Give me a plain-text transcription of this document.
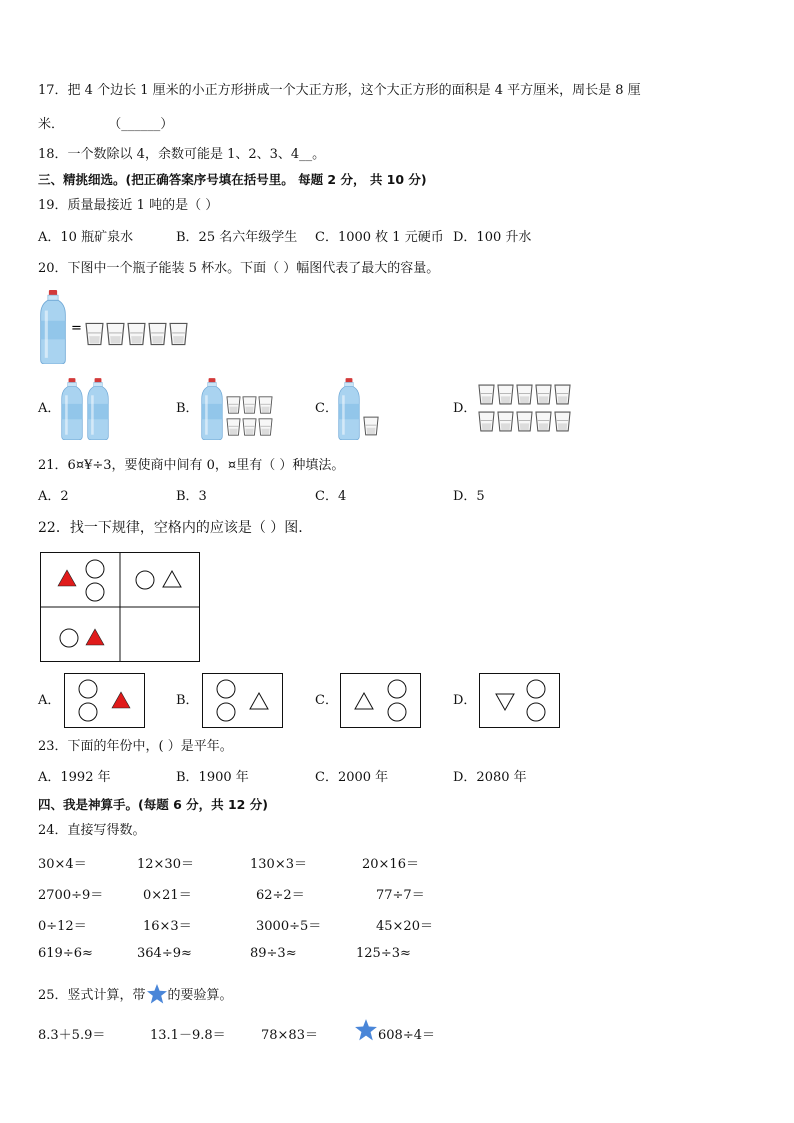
17．把 4 个边长 1 厘米的小正方形拼成一个大正方形，这个大正方形的面积是 4 平方厘米，周长是 8 厘
米．	（______）
18．一个数除以 4，余数可能是 1、2、3、4__。
三、精挑细选。(把正确答案序号填在括号里。 每题 2 分， 共 10 分)
19．质量最接近 1 吨的是（ ）
A．10 瓶矿泉水	B．25 名六年级学生 C．1000 枚 1 元硬币 D．100 升水
20．下图中一个瓶子能装 5 杯水。下面（ ）幅图代表了最大的容量。
=
A．	B．	C．	D．
21．6¤¥÷3，要使商中间有 0，¤里有（ ）种填法。
A．2	B．3	C．4	D．5
22．找一下规律，空格内的应该是（ ）图.
A．	B．	C．	D．
23．下面的年份中，( ）是平年。
A．1992 年	B．1900 年	C．2000 年	D．2080 年
四、我是神算手。(每题 6 分，共 12 分)
24．直接写得数。
30×4＝	12×30＝	130×3＝	20×16＝
2700÷9＝	0×21＝	62÷2＝	77÷7＝
0÷12＝	16×3＝	3000÷5＝	45×20＝
619÷6≈	364÷9≈	89÷3≈	125÷3≈
25．竖式计算，带 的要验算。
8.3＋5.9＝	13.1－9.8＝	78×83＝	608÷4＝
